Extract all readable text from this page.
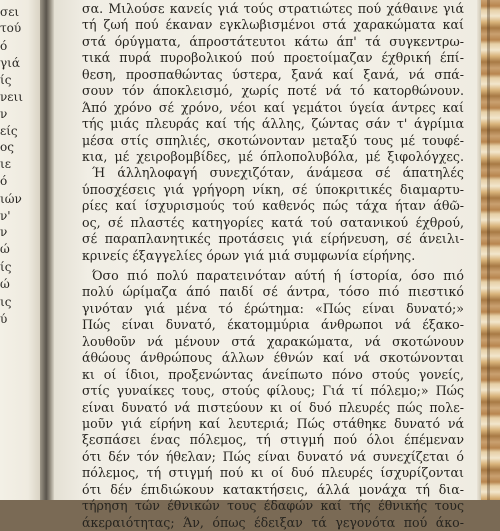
σει
τού
ό
γιά
ίς
νειι
ν
είς
ος
ιε
ό
ιών
ν'
ν
ώ
ίς
ώ
ις
ύ
σα. Μιλούσε κανείς γιά τούς στρατιώτες πού χάθαινε γιά
τή ζωή πού έκαναν εγκλωβισμένοι στά χαρακώματα καί
στά όρύγματα, άπροστάτευτοι κάτω άπ' τά συγκεντρω-
τικά πυρά πυροβολικού πού προετοίμαζαν έχθρική έπί-
θεση, προσπαθώντας ύστερα, ξανά καί ξανά, νά σπά-
σουν τόν άποκλεισμό, χωρίς ποτέ νά τό κατορθώνουν.
Άπό χρόνο σέ χρόνο, νέοι καί γεμάτοι ύγεία άντρες καί
τής μιάς πλευράς καί τής άλλης, ζώντας σάν τ' άγρίμια
μέσα στίς σπηλιές, σκοτώνονταν μεταξύ τους μέ τουφέ-
κια, μέ χειροβομβίδες, μέ όπλοπολυβόλα, μέ ξιφολόγχες.
Ή άλληλοφαγή συνεχιζόταν, άνάμεσα σέ άπατηλές
ύποσχέσεις γιά γρήγορη νίκη, σέ ύποκριτικές διαμαρτυ-
ρίες καί ίσχυρισμούς τού καθενός πώς τάχα ήταν άθῶ-
ος, σέ πλαστές κατηγορίες κατά τού σατανικού έχθρού,
σέ παραπλανητικές προτάσεις γιά είρήνευση, σέ άνειλι-
κρινείς έξαγγελίες όρων γιά μιά συμφωνία είρήνης.
Όσο πιό πολύ παρατεινόταν αύτή ή ίστορία, όσο πιό
πολύ ώρίμαζα άπό παιδί σέ άντρα, τόσο πιό πιεστικό
γινόταν γιά μένα τό έρώτημα: «Πώς είναι δυνατό;»
Πώς είναι δυνατό, έκατομμύρια άνθρωποι νά έξακο-
λουθοῦν νά μένουν στά χαρακώματα, νά σκοτώνουν
άθώους άνθρώπους άλλων έθνών καί νά σκοτώνονται
κι οί ίδιοι, προξενώντας άνείπωτο πόνο στούς γονείς,
στίς γυναίκες τους, στούς φίλους; Γιά τί πόλεμο;» Πώς
είναι δυνατό νά πιστεύουν κι οί δυό πλευρές πώς πολε-
μοῦν γιά είρήνη καί λευτεριά; Πώς στάθηκε δυνατό νά
ξεσπάσει ένας πόλεμος, τή στιγμή πού όλοι έπέμεναν
ότι δέν τόν ήθελαν; Πώς είναι δυνατό νά συνεχίζεται ό
πόλεμος, τή στιγμή πού κι οί δυό πλευρές ίσχυρίζονται
ότι δέν έπιδιώκουν κατακτήσεις, άλλά μονάχα τή δια-
τήρηση τών έθνικών τους έδαφών καί τής έθνικής τους
άκεραιότητας; Άν, όπως έδειξαν τά γεγονότα πού άκο-
